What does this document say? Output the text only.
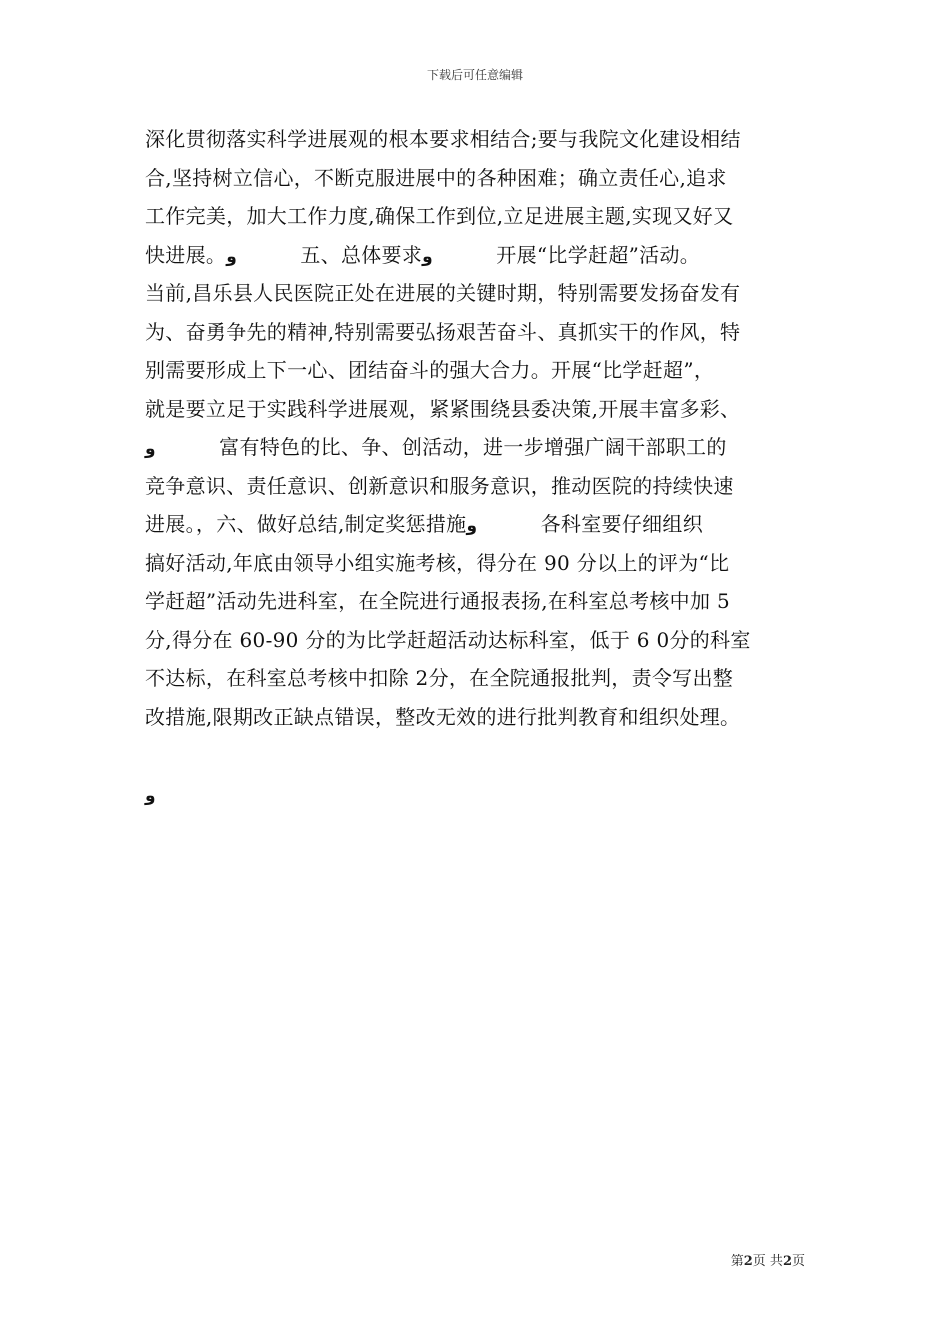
下载后可任意编辑
深化贯彻落实科学进展观的根本要求相结合;要与我院文化建设相结
合,坚持树立信心，不断克服进展中的各种困难；确立责任心,追求
工作完美，加大工作力度,确保工作到位,立足进展主题,实现又好又
快进展。و          五、总体要求و          开展“比学赶超”活动。
当前,昌乐县人民医院正处在进展的关键时期，特别需要发扬奋发有
为、奋勇争先的精神,特别需要弘扬艰苦奋斗、真抓实干的作风，特
别需要形成上下一心、团结奋斗的强大合力。开展“比学赶超”，
就是要立足于实践科学进展观，紧紧围绕县委决策,开展丰富多彩、
و          富有特色的比、争、创活动，进一步增强广阔干部职工的
竞争意识、责任意识、创新意识和服务意识，推动医院的持续快速
进展。，六、做好总结,制定奖惩措施و          各科室要仔细组织
搞好活动,年底由领导小组实施考核，得分在 90 分以上的评为“比
学赶超”活动先进科室，在全院进行通报表扬,在科室总考核中加 5
分,得分在 60-90 分的为比学赶超活动达标科室，低于 6 0分的科室
不达标，在科室总考核中扣除 2分，在全院通报批判，责令写出整
改措施,限期改正缺点错误，整改无效的进行批判教育和组织处理。
و
第2页 共2页
